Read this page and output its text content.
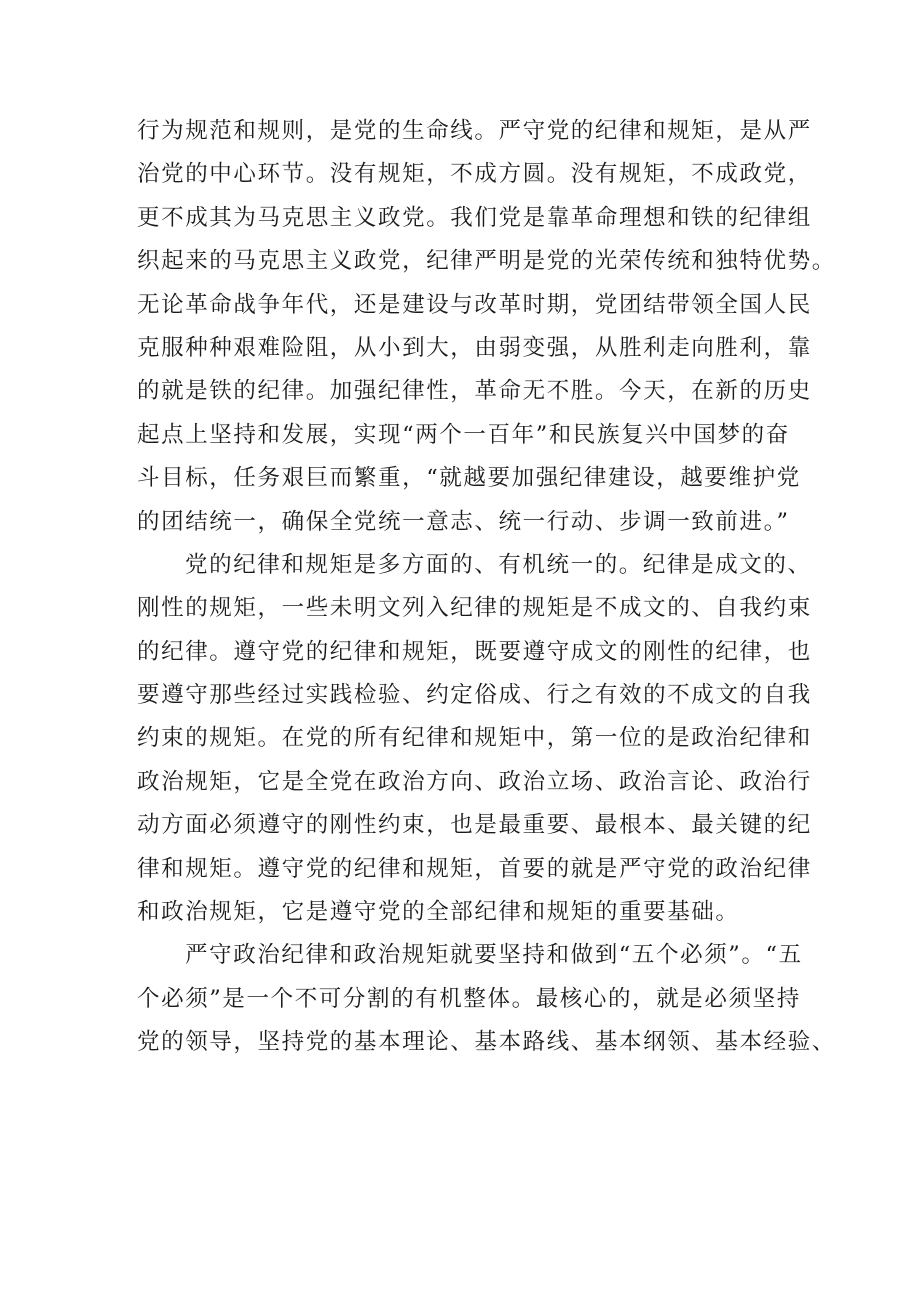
行为规范和规则，是党的生命线。严守党的纪律和规矩，是从严
治党的中心环节。没有规矩，不成方圆。没有规矩，不成政党，
更不成其为马克思主义政党。我们党是靠革命理想和铁的纪律组
织起来的马克思主义政党，纪律严明是党的光荣传统和独特优势。
无论革命战争年代，还是建设与改革时期，党团结带领全国人民
克服种种艰难险阻，从小到大，由弱变强，从胜利走向胜利，靠
的就是铁的纪律。加强纪律性，革命无不胜。今天，在新的历史
起点上坚持和发展，实现“两个一百年”和民族复兴中国梦的奋
斗目标，任务艰巨而繁重，“就越要加强纪律建设，越要维护党
的团结统一，确保全党统一意志、统一行动、步调一致前进。”
党的纪律和规矩是多方面的、有机统一的。纪律是成文的、
刚性的规矩，一些未明文列入纪律的规矩是不成文的、自我约束
的纪律。遵守党的纪律和规矩，既要遵守成文的刚性的纪律，也
要遵守那些经过实践检验、约定俗成、行之有效的不成文的自我
约束的规矩。在党的所有纪律和规矩中，第一位的是政治纪律和
政治规矩，它是全党在政治方向、政治立场、政治言论、政治行
动方面必须遵守的刚性约束，也是最重要、最根本、最关键的纪
律和规矩。遵守党的纪律和规矩，首要的就是严守党的政治纪律
和政治规矩，它是遵守党的全部纪律和规矩的重要基础。
严守政治纪律和政治规矩就要坚持和做到“五个必须”。“五
个必须”是一个不可分割的有机整体。最核心的，就是必须坚持
党的领导，坚持党的基本理论、基本路线、基本纲领、基本经验、
